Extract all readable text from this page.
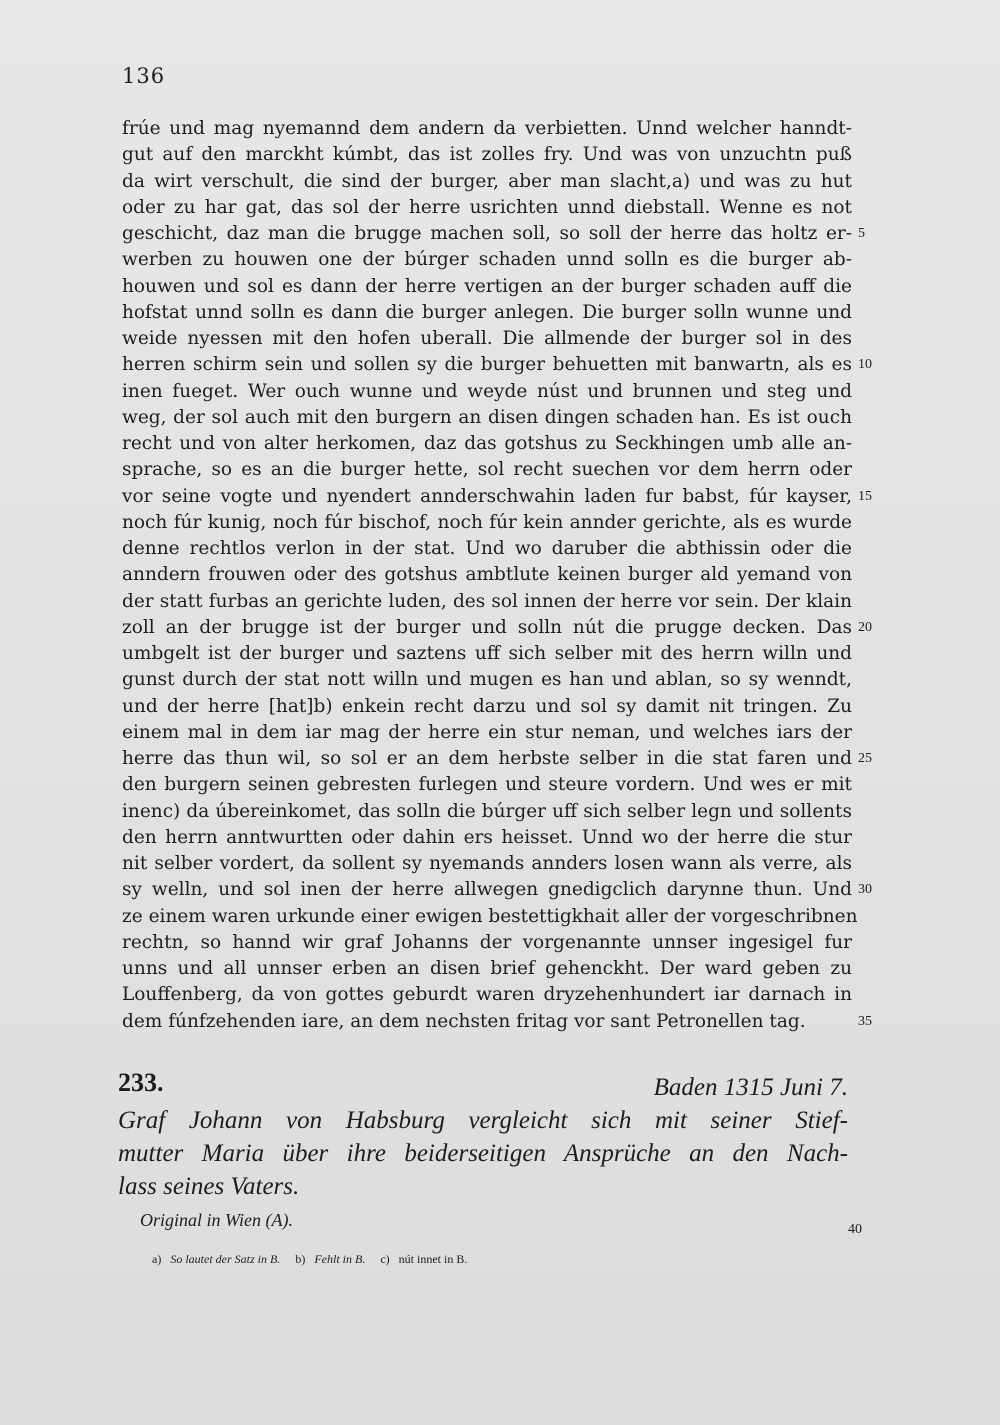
136
frúe und mag nyemannd dem andern da verbietten. Unnd welcher hanndt-
gut auf den marckht kúmbt, das ist zolles fry. Und was von unzuchtn puß
da wirt verschult, die sind der burger, aber man slacht,a) und was zu hut
oder zu har gat, das sol der herre usrichten unnd diebstall. Wenne es not
geschicht, daz man die brugge machen soll, so soll der herre das holtz er- 5
werben zu houwen one der búrger schaden unnd solln es die burger ab-
houwen und sol es dann der herre vertigen an der burger schaden auff die
hofstat unnd solln es dann die burger anlegen. Die burger solln wunne und
weide nyessen mit den hofen uberall. Die allmende der burger sol in des
herren schirm sein und sollen sy die burger behuetten mit banwartn, als es 10
inen fueget. Wer ouch wunne und weyde núst und brunnen und steg und
weg, der sol auch mit den burgern an disen dingen schaden han. Es ist ouch
recht und von alter herkomen, daz das gotshus zu Seckhingen umb alle an-
sprache, so es an die burger hette, sol recht suechen vor dem herrn oder
vor seine vogte und nyendert annderschwahin laden fur babst, fúr kayser, 15
noch fúr kunig, noch fúr bischof, noch fúr kein annder gerichte, als es wurde
denne rechtlos verlon in der stat. Und wo daruber die abthissin oder die
anndern frouwen oder des gotshus ambtlute keinen burger ald yemand von
der statt furbas an gerichte luden, des sol innen der herre vor sein. Der klain
zoll an der brugge ist der burger und solln nút die prugge decken. Das 20
umbgelt ist der burger und saztens uff sich selber mit des herrn willn und
gunst durch der stat nott willn und mugen es han und ablan, so sy wenndt,
und der herre [hat]b) enkein recht darzu und sol sy damit nit tringen. Zu
einem mal in dem iar mag der herre ein stur neman, und welches iars der
herre das thun wil, so sol er an dem herbste selber in die stat faren und 25
den burgern seinen gebresten furlegen und steure vordern. Und wes er mit
inenc) da úbereinkomet, das solln die búrger uff sich selber legn und sollents
den herrn anntwurtten oder dahin ers heisset. Unnd wo der herre die stur
nit selber vordert, da sollent sy nyemands annders losen wann als verre, als
sy welln, und sol inen der herre allwegen gnedigclich darynne thun. Und 30
ze einem waren urkunde einer ewigen bestettigkhait aller der vorgeschribnen
rechtn, so hannd wir graf Johanns der vorgenannte unnser ingesigel fur
unns und all unnser erben an disen brief gehenckht. Der ward geben zu
Louffenberg, da von gottes geburdt waren dryzehenhundert iar darnach in
dem fúnfzehenden iare, an dem nechsten fritag vor sant Petronellen tag.	35
233.	Baden 1315 Juni 7.
Graf Johann von Habsburg vergleicht sich mit seiner Stief-
mutter Maria über ihre beiderseitigen Ansprüche an den Nach-
lass seines Vaters.
Original in Wien (A).	40
a) So lautet der Satz in B. b) Fehlt in B. c) nút innet in B.
